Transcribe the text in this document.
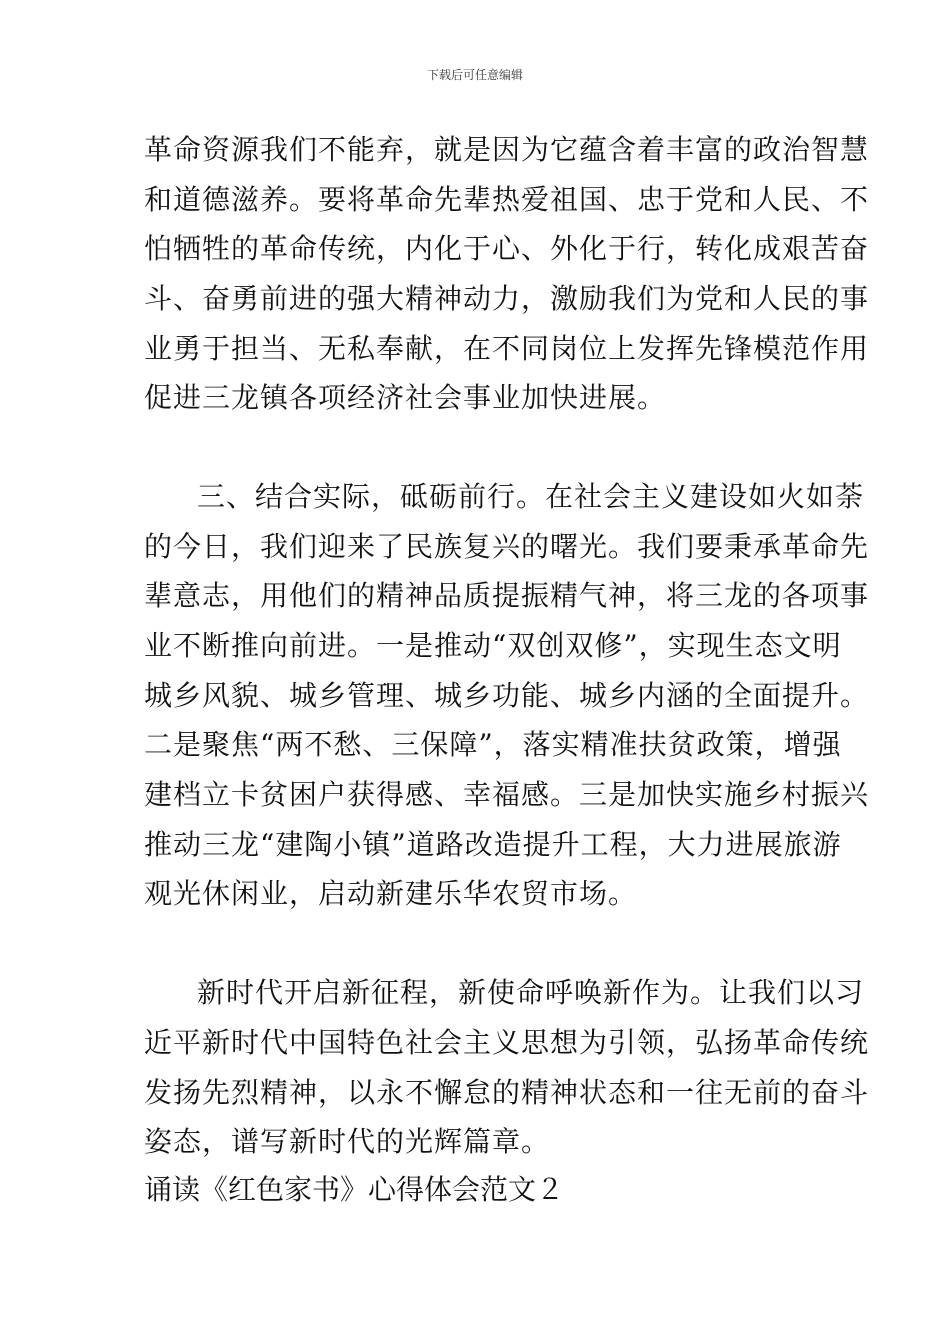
下载后可任意编辑
革命资源我们不能弃，就是因为它蕴含着丰富的政治智慧
和道德滋养。要将革命先辈热爱祖国、忠于党和人民、不
怕牺牲的革命传统，内化于心、外化于行，转化成艰苦奋
斗、奋勇前进的强大精神动力，激励我们为党和人民的事
业勇于担当、无私奉献，在不同岗位上发挥先锋模范作用
促进三龙镇各项经济社会事业加快进展。
三、结合实际，砥砺前行。在社会主义建设如火如荼
的今日，我们迎来了民族复兴的曙光。我们要秉承革命先
辈意志，用他们的精神品质提振精气神，将三龙的各项事
业不断推向前进。一是推动“双创双修”，实现生态文明
城乡风貌、城乡管理、城乡功能、城乡内涵的全面提升。
二是聚焦“两不愁、三保障”，落实精准扶贫政策，增强
建档立卡贫困户获得感、幸福感。三是加快实施乡村振兴
推动三龙“建陶小镇”道路改造提升工程，大力进展旅游
观光休闲业，启动新建乐华农贸市场。
新时代开启新征程，新使命呼唤新作为。让我们以习
近平新时代中国特色社会主义思想为引领，弘扬革命传统
发扬先烈精神，以永不懈怠的精神状态和一往无前的奋斗
姿态，谱写新时代的光辉篇章。
诵读《红色家书》心得体会范文２
